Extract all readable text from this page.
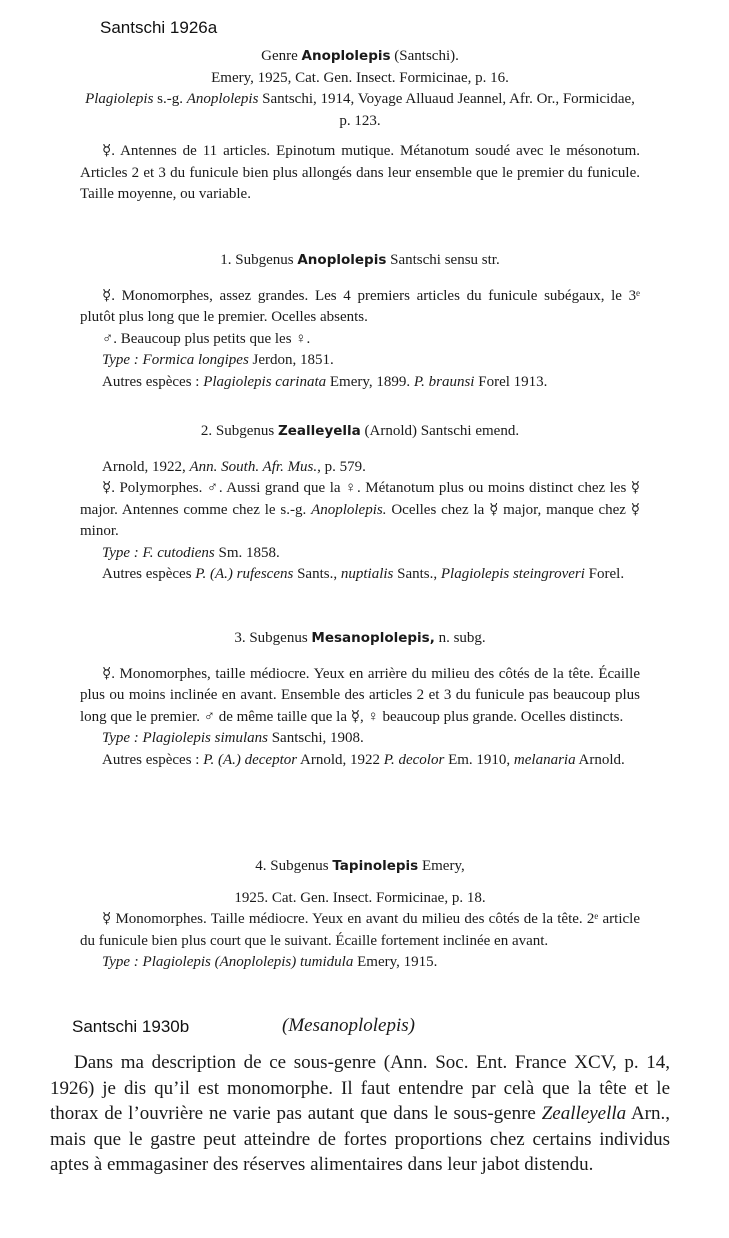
Santschi 1926a

Genre Anoplolepis (Santschi).

Emery, 1925, Cat. Gen. Insect. Formicinae, p. 16.

Plagiolepis s.-g. Anoplolepis Santschi, 1914, Voyage Alluaud Jeannel, Afr. Or., Formicidae, p. 123.

☿. Antennes de 11 articles. Epinotum mutique. Métanotum soudé avec le mésonotum. Articles 2 et 3 du funicule bien plus allongés dans leur ensemble que le premier du funicule. Taille moyenne, ou variable.

1. Subgenus Anoplolepis Santschi sensu str.

☿. Monomorphes, assez grandes. Les 4 premiers articles du funicule subégaux, le 3ᵉ plutôt plus long que le premier. Ocelles absents.

♂. Beaucoup plus petits que les ♀.

Type : Formica longipes Jerdon, 1851.

Autres espèces : Plagiolepis carinata Emery, 1899. P. braunsi Forel 1913.

2. Subgenus Zealleyella (Arnold) Santschi emend.

Arnold, 1922, Ann. South. Afr. Mus., p. 579.

☿. Polymorphes. ♂. Aussi grand que la ♀. Métanotum plus ou moins distinct chez les ☿ major. Antennes comme chez le s.-g. Anoplolepis. Ocelles chez la ☿ major, manque chez ☿ minor.

Type : F. cutodiens Sm. 1858.

Autres espèces P. (A.) rufescens Sants., nuptialis Sants., Plagiolepis steingroveri Forel.

3. Subgenus Mesanoplolepis, n. subg.

☿. Monomorphes, taille médiocre. Yeux en arrière du milieu des côtés de la tête. Écaille plus ou moins inclinée en avant. Ensemble des articles 2 et 3 du funicule pas beaucoup plus long que le premier. ♂ de même taille que la ☿, ♀ beaucoup plus grande. Ocelles distincts.

Type : Plagiolepis simulans Santschi, 1908.

Autres espèces : P. (A.) deceptor Arnold, 1922 P. decolor Em. 1910, melanaria Arnold.

4. Subgenus Tapinolepis Emery,

1925. Cat. Gen. Insect. Formicinae, p. 18.

☿ Monomorphes. Taille médiocre. Yeux en avant du milieu des côtés de la tête. 2ᵉ article du funicule bien plus court que le suivant. Écaille fortement inclinée en avant.

Type : Plagiolepis (Anoplolepis) tumidula Emery, 1915.

Santschi 1930b	(Mesanoplolepis)

Dans ma description de ce sous-genre (Ann. Soc. Ent. France XCV, p. 14, 1926) je dis qu’il est monomorphe. Il faut entendre par celà que la tête et le thorax de l’ouvrière ne varie pas autant que dans le sous-genre Zealleyella Arn., mais que le gastre peut atteindre de fortes proportions chez certains individus aptes à emmagasiner des réserves alimentaires dans leur jabot distendu.
